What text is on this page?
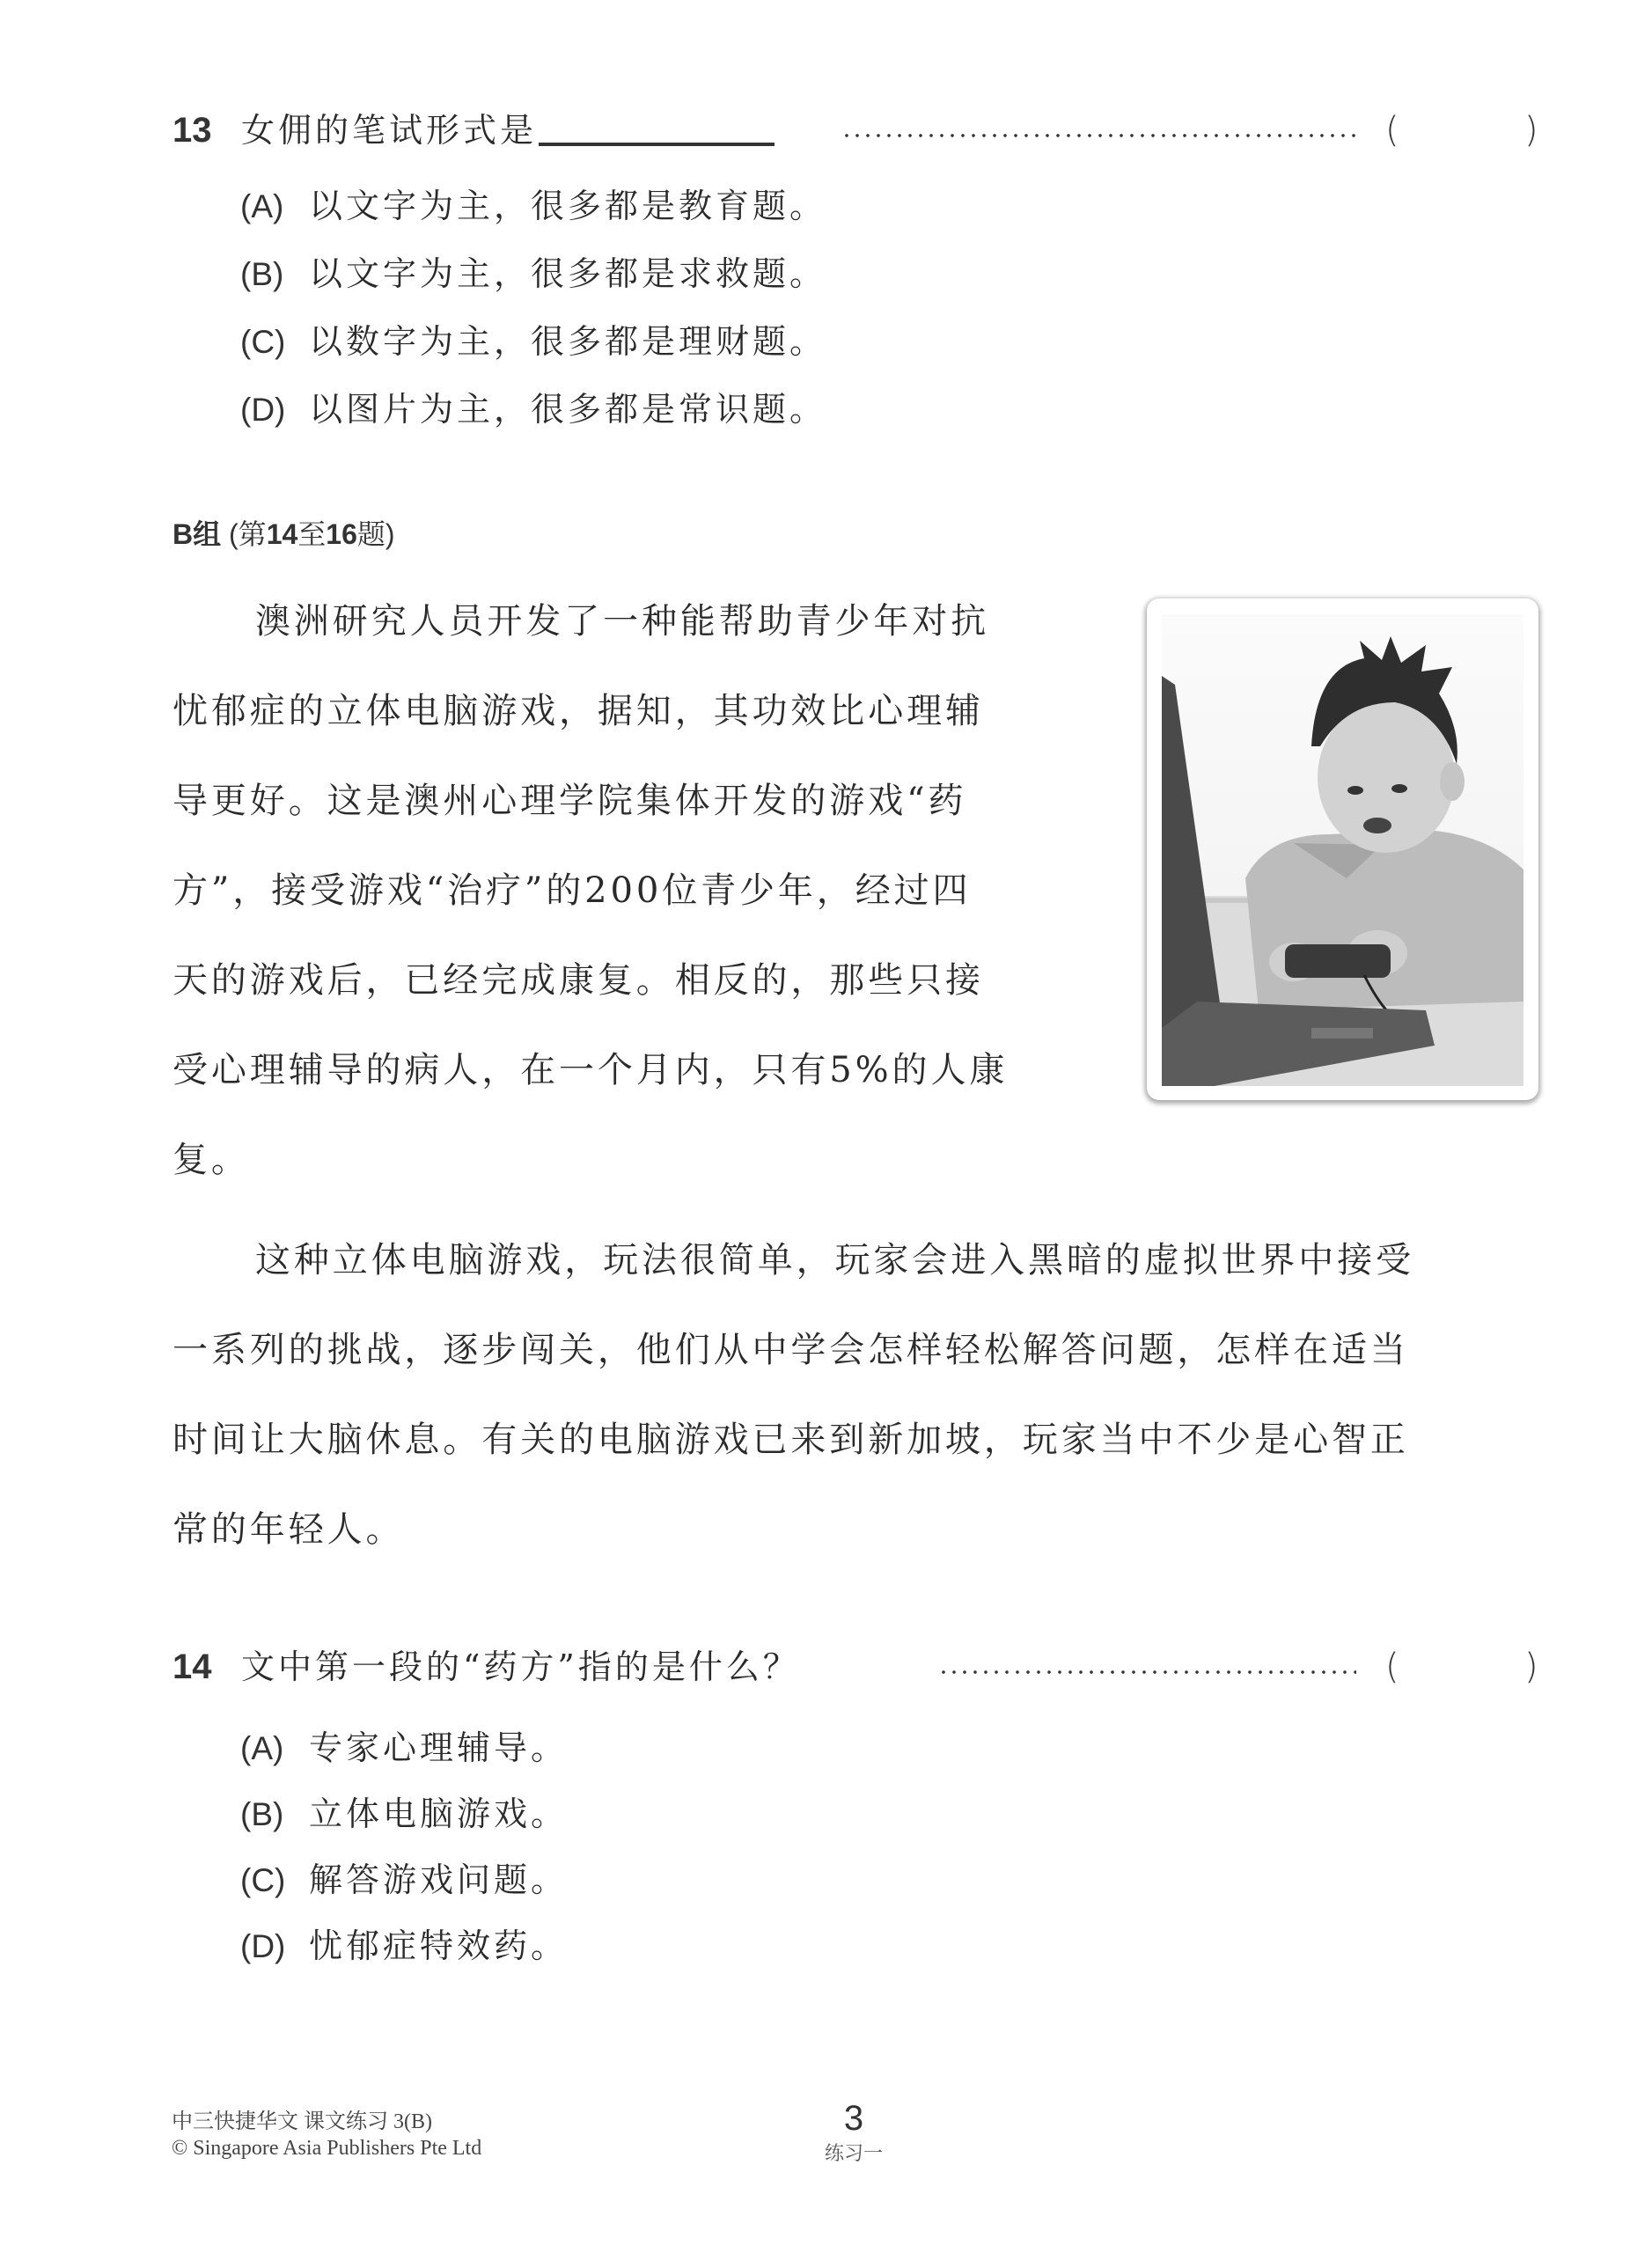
13 女佣的笔试形式是	(	)
(A) 以文字为主，很多都是教育题。
(B) 以文字为主，很多都是求救题。
(C) 以数字为主，很多都是理财题。
(D) 以图片为主，很多都是常识题。
B组 (第14至16题)
澳洲研究人员开发了一种能帮助青少年对抗
忧郁症的立体电脑游戏，据知，其功效比心理辅
导更好。这是澳州心理学院集体开发的游戏“药
方”，接受游戏“治疗”的200位青少年，经过四
天的游戏后，已经完成康复。相反的，那些只接
受心理辅导的病人，在一个月内，只有5%的人康
复。
这种立体电脑游戏，玩法很简单，玩家会进入黑暗的虚拟世界中接受
一系列的挑战，逐步闯关，他们从中学会怎样轻松解答问题，怎样在适当
时间让大脑休息。有关的电脑游戏已来到新加坡，玩家当中不少是心智正
常的年轻人。
14 文中第一段的“药方”指的是什么？	(	)
(A) 专家心理辅导。
(B) 立体电脑游戏。
(C) 解答游戏问题。
(D) 忧郁症特效药。
中三快捷华文 课文练习 3(B)
© Singapore Asia Publishers Pte Ltd
3
练习一
